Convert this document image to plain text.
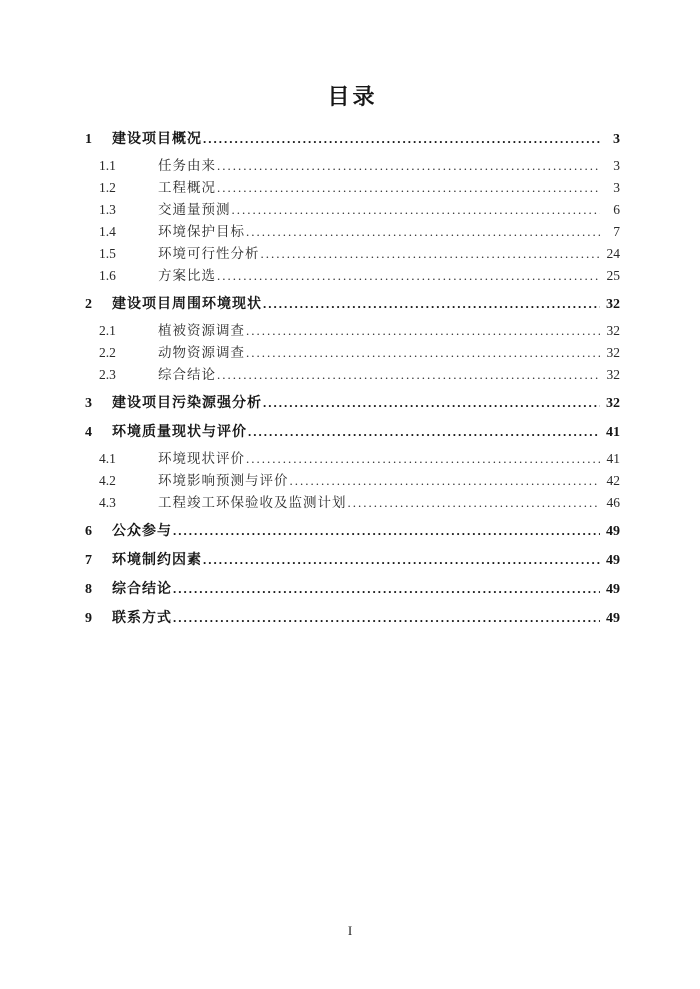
目录
1	建设项目概况 .....	3
1.1	任务由来 .....	3
1.2	工程概况 .....	3
1.3	交通量预测 .....	6
1.4	环境保护目标 .....	7
1.5	环境可行性分析 .....	24
1.6	方案比选 .....	25
2	建设项目周围环境现状 .....	32
2.1	植被资源调查 .....	32
2.2	动物资源调查 .....	32
2.3	综合结论 .....	32
3	建设项目污染源强分析 .....	32
4	环境质量现状与评价 .....	41
4.1	环境现状评价 .....	41
4.2	环境影响预测与评价 .....	42
4.3	工程竣工环保验收及监测计划 .....	46
6	公众参与 .....	49
7	环境制约因素 .....	49
8	综合结论 .....	49
9	联系方式 .....	49
I
